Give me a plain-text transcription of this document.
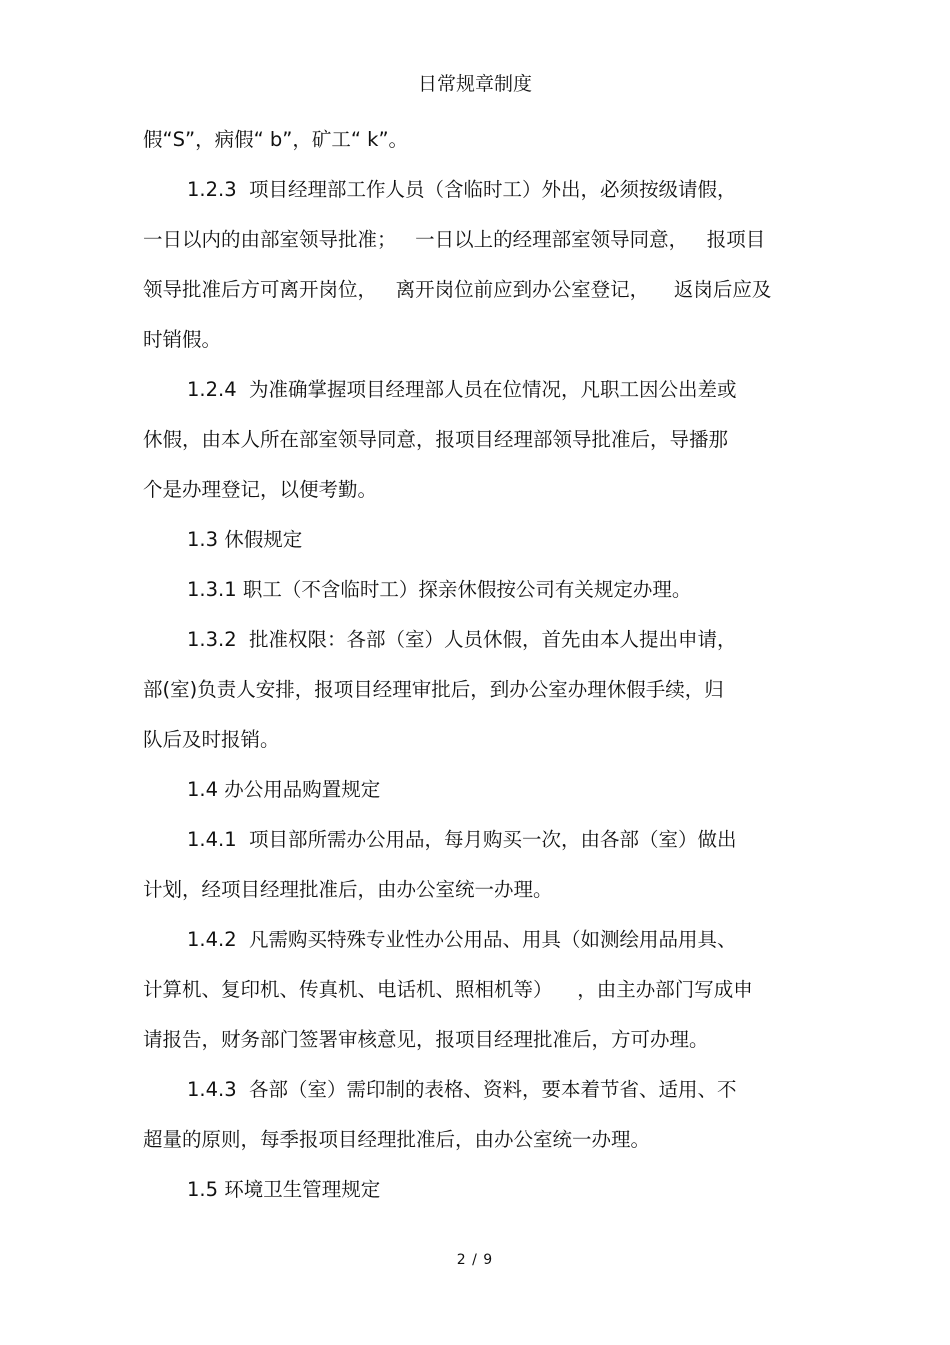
日常规章制度
假“S”，病假“ b”，矿工“ k”。
1.2.3  项目经理部工作人员（含临时工）外出，必须按级请假，
一日以内的由部室领导批准；   一日以上的经理部室领导同意，   报项目
领导批准后方可离开岗位，   离开岗位前应到办公室登记，    返岗后应及
时销假。
1.2.4  为准确掌握项目经理部人员在位情况，凡职工因公出差或
休假，由本人所在部室领导同意，报项目经理部领导批准后，导播那
个是办理登记，以便考勤。
1.3 休假规定
1.3.1 职工（不含临时工）探亲休假按公司有关规定办理。
1.3.2  批准权限：各部（室）人员休假，首先由本人提出申请，
部(室)负责人安排，报项目经理审批后，到办公室办理休假手续，归
队后及时报销。
1.4 办公用品购置规定
1.4.1  项目部所需办公用品，每月购买一次，由各部（室）做出
计划，经项目经理批准后，由办公室统一办理。
1.4.2  凡需购买特殊专业性办公用品、用具（如测绘用品用具、
计算机、复印机、传真机、电话机、照相机等）    ，由主办部门写成申
请报告，财务部门签署审核意见，报项目经理批准后，方可办理。
1.4.3  各部（室）需印制的表格、资料，要本着节省、适用、不
超量的原则，每季报项目经理批准后，由办公室统一办理。
1.5 环境卫生管理规定
2 / 9
